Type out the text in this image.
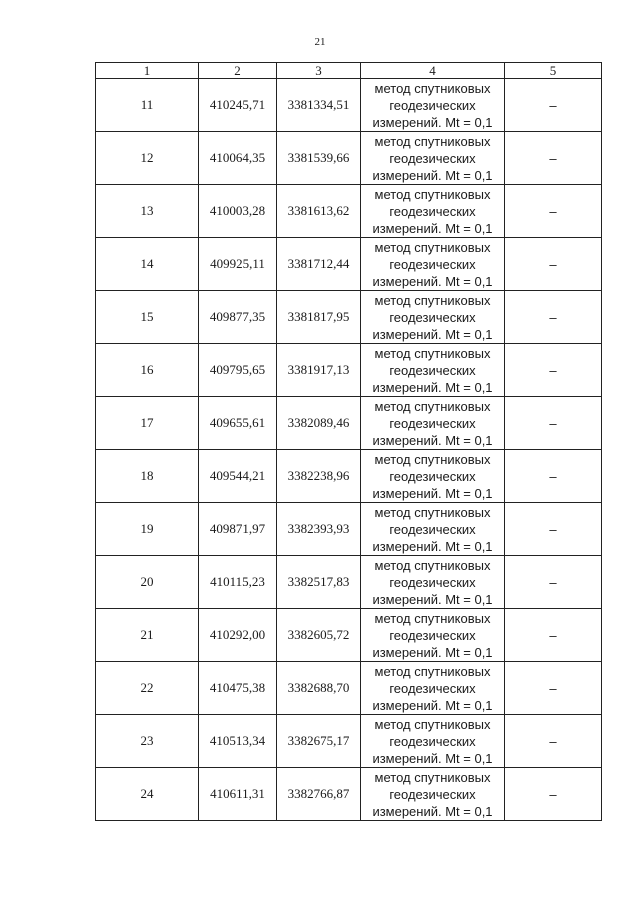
21
1	2	3	4	5
11	410245,71	3381334,51	метод спутниковых
геодезических
измерений. Mt = 0,1	–
12	410064,35	3381539,66	метод спутниковых
геодезических
измерений. Mt = 0,1	–
13	410003,28	3381613,62	метод спутниковых
геодезических
измерений. Mt = 0,1	–
14	409925,11	3381712,44	метод спутниковых
геодезических
измерений. Mt = 0,1	–
15	409877,35	3381817,95	метод спутниковых
геодезических
измерений. Mt = 0,1	–
16	409795,65	3381917,13	метод спутниковых
геодезических
измерений. Mt = 0,1	–
17	409655,61	3382089,46	метод спутниковых
геодезических
измерений. Mt = 0,1	–
18	409544,21	3382238,96	метод спутниковых
геодезических
измерений. Mt = 0,1	–
19	409871,97	3382393,93	метод спутниковых
геодезических
измерений. Mt = 0,1	–
20	410115,23	3382517,83	метод спутниковых
геодезических
измерений. Mt = 0,1	–
21	410292,00	3382605,72	метод спутниковых
геодезических
измерений. Mt = 0,1	–
22	410475,38	3382688,70	метод спутниковых
геодезических
измерений. Mt = 0,1	–
23	410513,34	3382675,17	метод спутниковых
геодезических
измерений. Mt = 0,1	–
24	410611,31	3382766,87	метод спутниковых
геодезических
измерений. Mt = 0,1	–
